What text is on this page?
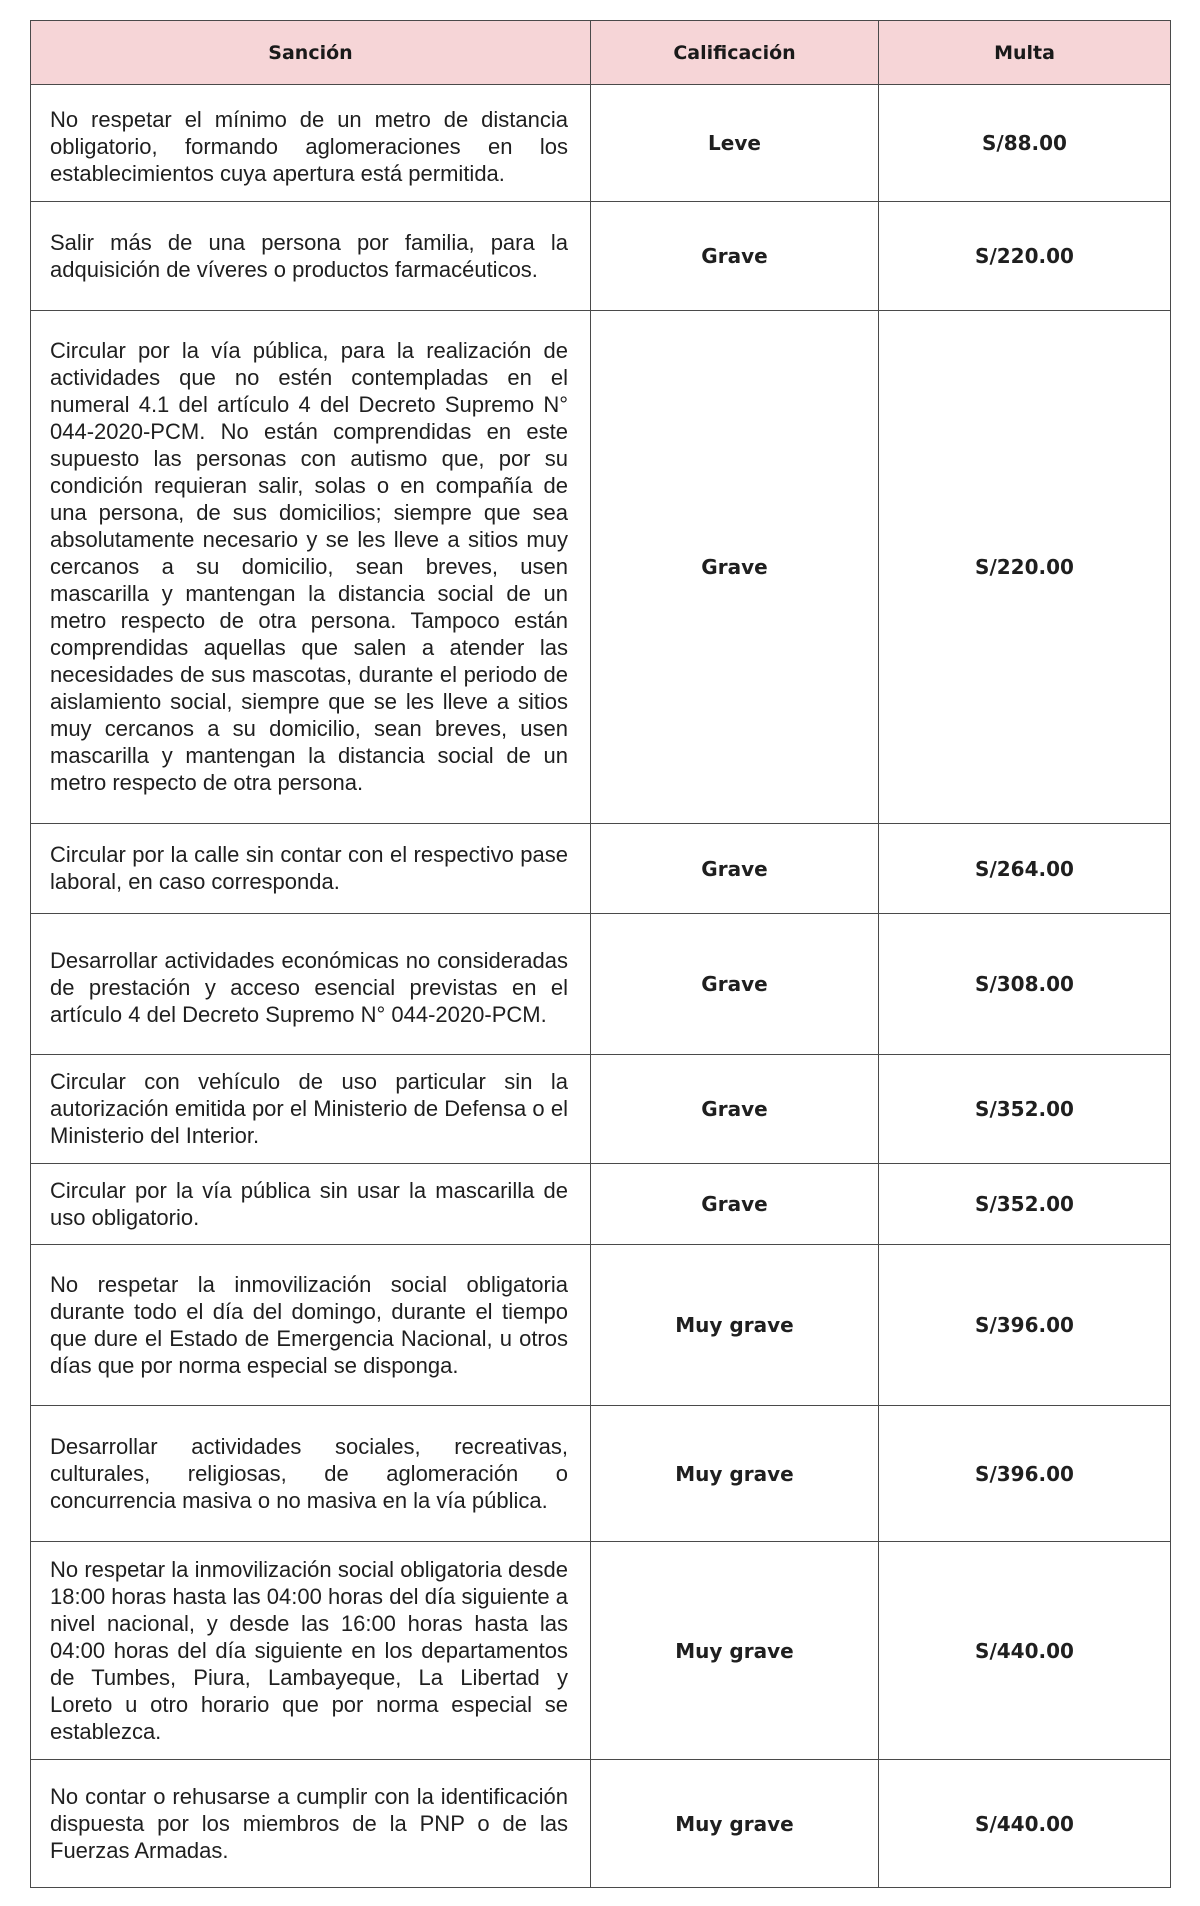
Sanción	Calificación	Multa
No respetar el mínimo de un metro de distancia obligatorio, formando aglomeraciones en los establecimientos cuya apertura está permitida.	Leve	S/88.00
Salir más de una persona por familia, para la adquisición de víveres o productos farmacéuticos.	Grave	S/220.00
Circular por la vía pública, para la realización de actividades que no estén contempladas en el numeral 4.1 del artículo 4 del Decreto Supremo N° 044-2020-PCM. No están comprendidas en este supuesto las personas con autismo que, por su condición requieran salir, solas o en compañía de una persona, de sus domicilios; siempre que sea absolutamente necesario y se les lleve a sitios muy cercanos a su domicilio, sean breves, usen mascarilla y mantengan la distancia social de un metro respecto de otra persona. Tampoco están comprendidas aquellas que salen a atender las necesidades de sus mascotas, durante el periodo de aislamiento social, siempre que se les lleve a sitios muy cercanos a su domicilio, sean breves, usen mascarilla y mantengan la distancia social de un metro respecto de otra persona.	Grave	S/220.00
Circular por la calle sin contar con el respectivo pase laboral, en caso corresponda.	Grave	S/264.00
Desarrollar actividades económicas no consideradas de prestación y acceso esencial previstas en el artículo 4 del Decreto Supremo N° 044-2020-PCM.	Grave	S/308.00
Circular con vehículo de uso particular sin la autorización emitida por el Ministerio de Defensa o el Ministerio del Interior.	Grave	S/352.00
Circular por la vía pública sin usar la mascarilla de uso obligatorio.	Grave	S/352.00
No respetar la inmovilización social obligatoria durante todo el día del domingo, durante el tiempo que dure el Estado de Emergencia Nacional, u otros días que por norma especial se disponga.	Muy grave	S/396.00
Desarrollar actividades sociales, recreativas, culturales, religiosas, de aglomeración o concurrencia masiva o no masiva en la vía pública.	Muy grave	S/396.00
No respetar la inmovilización social obligatoria desde 18:00 horas hasta las 04:00 horas del día siguiente a nivel nacional, y desde las 16:00 horas hasta las 04:00 horas del día siguiente en los departamentos de Tumbes, Piura, Lambayeque, La Libertad y Loreto u otro horario que por norma especial se establezca.	Muy grave	S/440.00
No contar o rehusarse a cumplir con la identificación dispuesta por los miembros de la PNP o de las Fuerzas Armadas.	Muy grave	S/440.00
